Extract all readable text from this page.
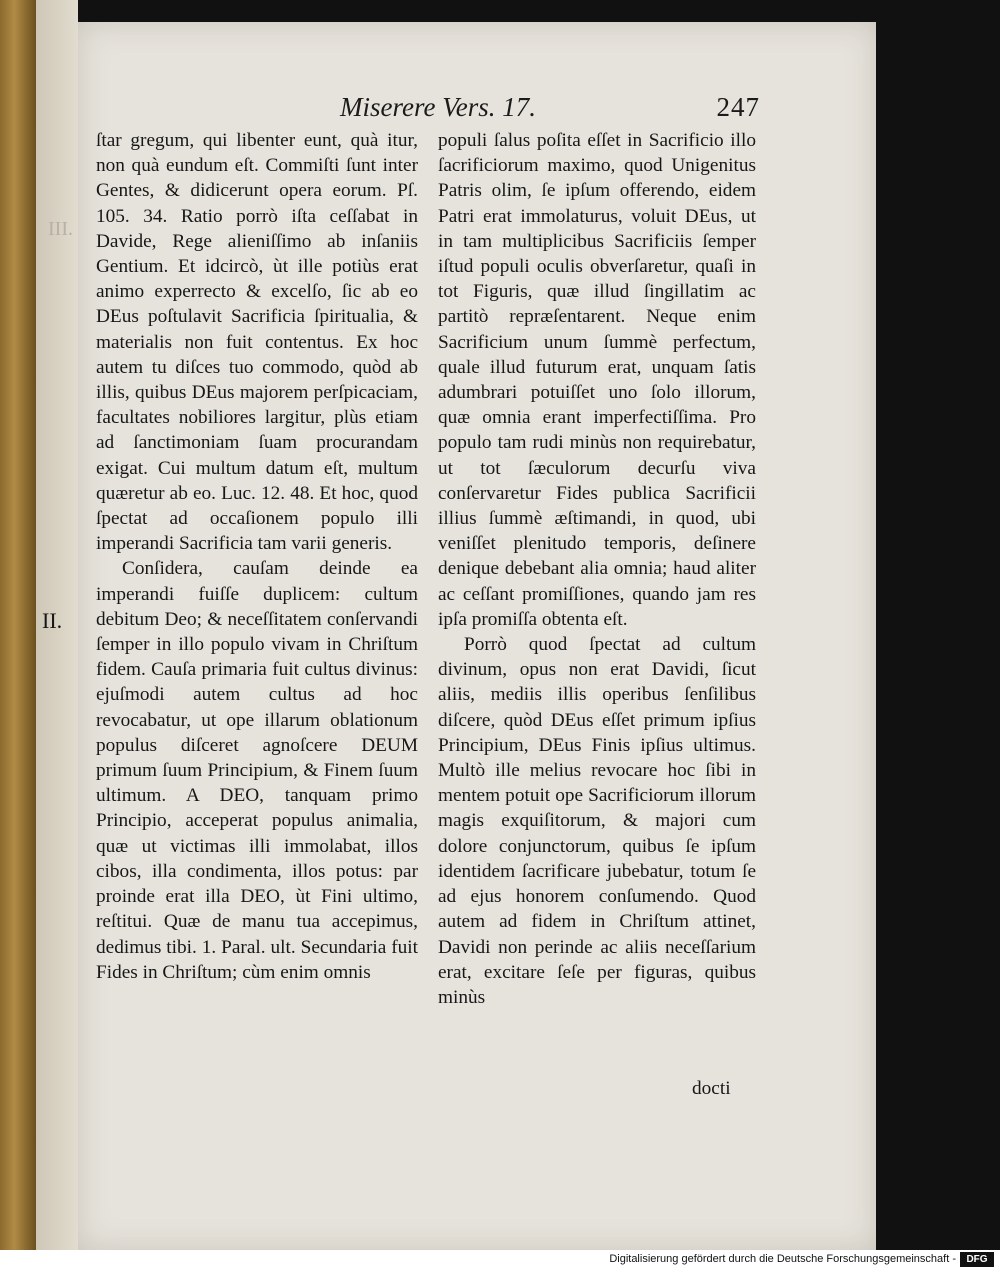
Miserere Vers. 17.	247
III.

ſtar gregum, qui libenter eunt, quà itur, non quà eundum eſt. Commiſti ſunt inter Gentes, & didicerunt opera eorum. Pſ. 105. 34. Ratio porrò iſta ceſſabat in Davide, Rege alieniſſimo ab inſaniis Gentium. Et idcircò, ùt ille potiùs erat animo experrecto & excelſo, ſic ab eo DEus poſtulavit Sacrificia ſpiritualia, & materialis non fuit contentus. Ex hoc autem tu diſces tuo commodo, quòd ab illis, quibus DEus majorem perſpicaciam, facultates nobiliores largitur, plùs etiam ad ſanctimoniam ſuam procurandam exigat. Cui multum datum eſt, multum quæretur ab eo. Luc. 12. 48. Et hoc, quod ſpectat ad occaſionem populo illi imperandi Sacrificia tam varii generis.

Conſidera, cauſam deinde ea imperandi fuiſſe duplicem: cultum debitum Deo; & neceſſitatem conſervandi ſemper in illo populo vivam in Chriſtum fidem. Cauſa primaria fuit cultus divinus: ejuſmodi autem cultus ad hoc revocabatur, ut ope illarum oblationum populus diſceret agnoſcere DEUM primum ſuum Principium, & Finem ſuum ultimum. A DEO, tanquam primo Principio, acceperat populus animalia, quæ ut victimas illi immolabat, illos cibos, illa condimenta, illos potus: par proinde erat illa DEO, ùt Fini ultimo, reſtitui. Quæ de manu tua accepimus, dedimus tibi. 1. Paral. ult. Secundaria fuit Fides in Chriſtum; cùm enim omnis

II.

populi ſalus poſita eſſet in Sacrificio illo ſacrificiorum maximo, quod Unigenitus Patris olim, ſe ipſum offerendo, eidem Patri erat immolaturus, voluit DEus, ut in tam multiplicibus Sacrificiis ſemper iſtud populi oculis obverſaretur, quaſi in tot Figuris, quæ illud ſingillatim ac partitò repræſentarent. Neque enim Sacrificium unum ſummè perfectum, quale illud futurum erat, unquam ſatis adumbrari potuiſſet uno ſolo illorum, quæ omnia erant imperfectiſſima. Pro populo tam rudi minùs non requirebatur, ut tot ſæculorum decurſu viva conſervaretur Fides publica Sacrificii illius ſummè æſtimandi, in quod, ubi veniſſet plenitudo temporis, deſinere denique debebant alia omnia; haud aliter ac ceſſant promiſſiones, quando jam res ipſa promiſſa obtenta eſt.

Porrò quod ſpectat ad cultum divinum, opus non erat Davidi, ſicut aliis, mediis illis operibus ſenſilibus diſcere, quòd DEus eſſet primum ipſius Principium, DEus Finis ipſius ultimus. Multò ille melius revocare hoc ſibi in mentem potuit ope Sacrificiorum illorum magis exquiſitorum, & majori cum dolore conjunctorum, quibus ſe ipſum identidem ſacrificare jubebatur, totum ſe ad ejus honorem conſumendo. Quod autem ad fidem in Chriſtum attinet, Davidi non perinde ac aliis neceſſarium erat, excitare ſeſe per figuras, quibus minùs

docti
Digitalisierung gefördert durch die Deutsche Forschungsgemeinschaft -	DFG
